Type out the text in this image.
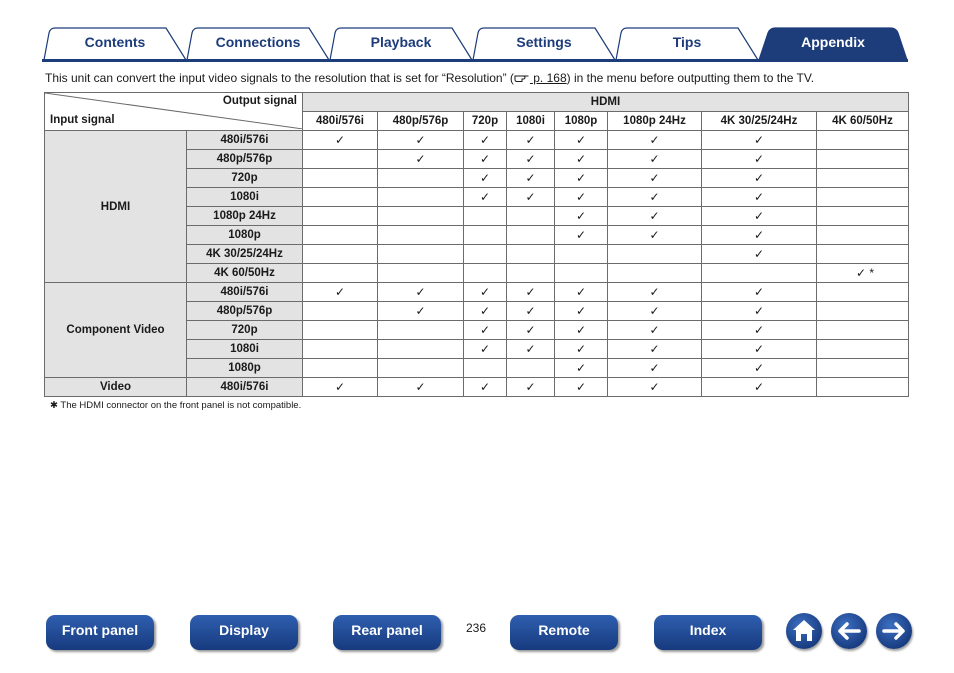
Contents	Connections	Playback	Settings	Tips	Appendix
This unit can convert the input video signals to the resolution that is set for “Resolution” ( p. 168) in the menu before outputting them to the TV.
Output signal
Input signal		HDMI							
		480i/576i	480p/576p	720p	1080i	1080p	1080p 24Hz	4K 30/25/24Hz	4K 60/50Hz
HDMI	480i/576i	✓	✓	✓	✓	✓	✓	✓	
	480p/576p		✓	✓	✓	✓	✓	✓	
	720p			✓	✓	✓	✓	✓	
	1080i			✓	✓	✓	✓	✓	
	1080p 24Hz					✓	✓	✓	
	1080p					✓	✓	✓	
	4K 30/25/24Hz							✓	
	4K 60/50Hz								✓ *
Component Video	480i/576i	✓	✓	✓	✓	✓	✓	✓	
	480p/576p		✓	✓	✓	✓	✓	✓	
	720p			✓	✓	✓	✓	✓	
	1080i			✓	✓	✓	✓	✓	
	1080p					✓	✓	✓	
Video	480i/576i	✓	✓	✓	✓	✓	✓	✓	
✱ The HDMI connector on the front panel is not compatible.
Front panel	Display	Rear panel	236	Remote	Index
